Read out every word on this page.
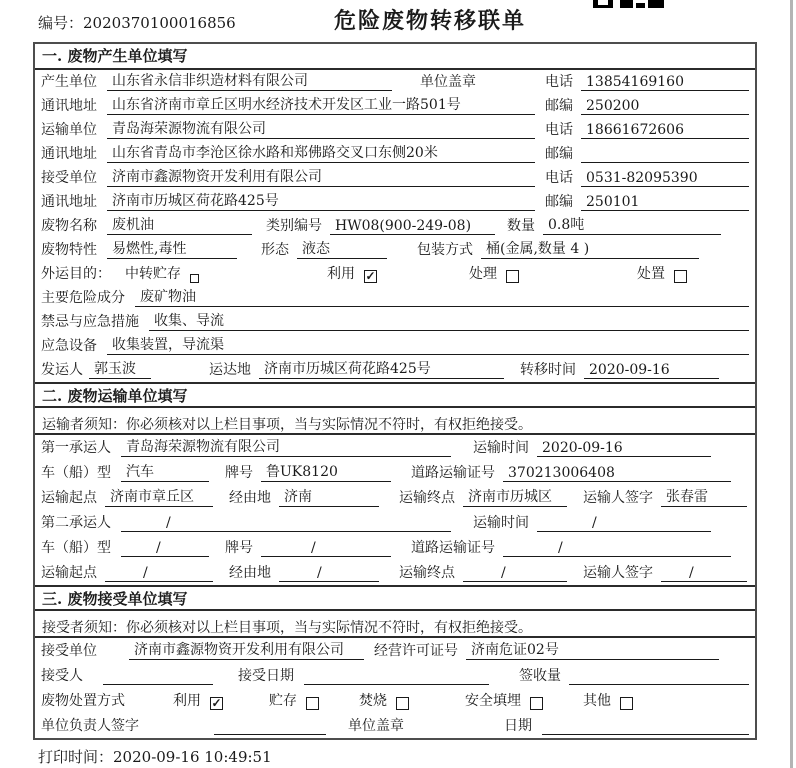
编号：2020370100016856	危险废物转移联单
一. 废物产生单位填写
产生单位	山东省永信非织造材料有限公司	单位盖章	电话 13854169160
通讯地址	山东省济南市章丘区明水经济技术开发区工业一路501号	邮编 250200
运输单位	青岛海荣源物流有限公司	电话 18661672606
通讯地址	山东省青岛市李沧区徐水路和郑佛路交叉口东侧20米	邮编
接受单位	济南市鑫源物资开发利用有限公司	电话 0531-82095390
通讯地址	济南市历城区荷花路425号	邮编 250101
废物名称	废机油	类别编号 HW08(900-249-08)	数量 0.8吨
废物特性	易燃性,毒性	形态 液态	包装方式 桶(金属,数量 4 )
外运目的： 中转贮存	利用 ✓	处理	处置
主要危险成分	废矿物油
禁忌与应急措施	收集、导流
应急设备	收集装置，导流渠
发运人 郭玉波	运达地 济南市历城区荷花路425号	转移时间 2020-09-16
二. 废物运输单位填写
运输者须知：你必须核对以上栏目事项，当与实际情况不符时，有权拒绝接受。
第一承运人	青岛海荣源物流有限公司	运输时间 2020-09-16
车（船）型	汽车	牌号 鲁UK8120	道路运输证号 370213006408
运输起点 济南市章丘区	经由地 济南	运输终点 济南市历城区	运输人签字 张春雷
第二承运人	/	运输时间	/
车（船）型	/	牌号	/	道路运输证号	/
运输起点	/	经由地	/	运输终点	/	运输人签字	/
三. 废物接受单位填写
接受者须知：你必须核对以上栏目事项，当与实际情况不符时，有权拒绝接受。
接受单位	济南市鑫源物资开发利用有限公司	经营许可证号 济南危证02号
接受人	接受日期	签收量
废物处置方式	利用 ✓	贮存	焚烧	安全填埋	其他
单位负责人签字	单位盖章	日期
打印时间：2020-09-16 10:49:51
